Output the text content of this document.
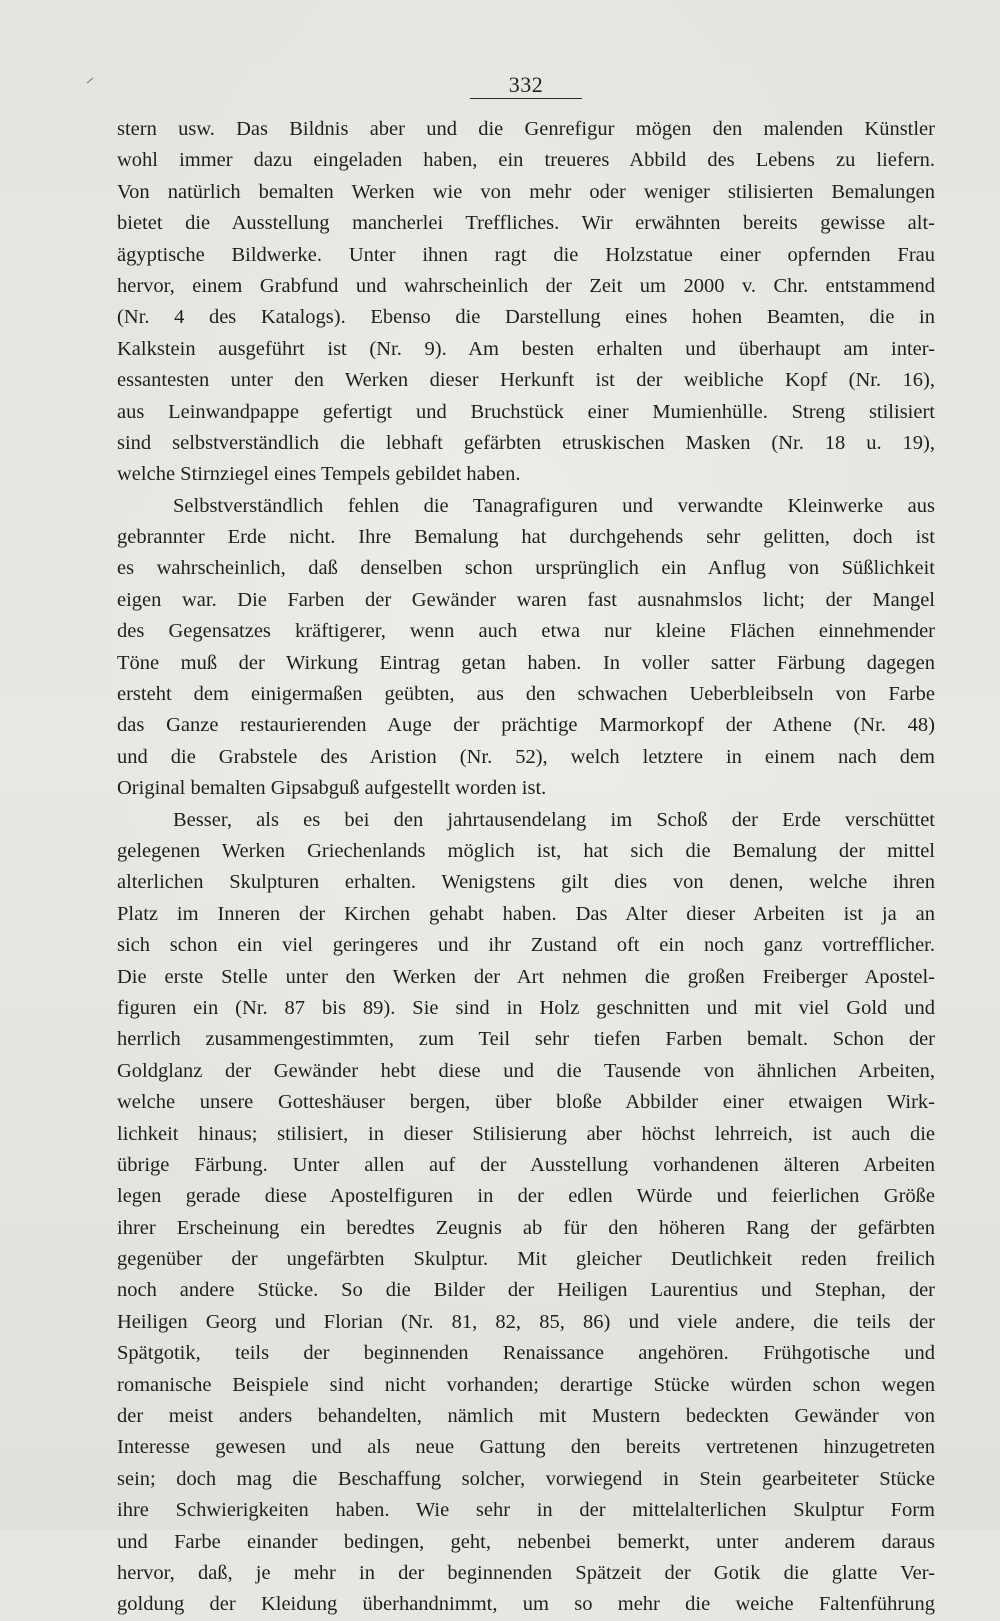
332
stern usw. Das Bildnis aber und die Genrefigur mögen den malenden Künstler
wohl immer dazu eingeladen haben, ein treueres Abbild des Lebens zu liefern.
Von natürlich bemalten Werken wie von mehr oder weniger stilisierten Bemalungen
bietet die Ausstellung mancherlei Treffliches. Wir erwähnten bereits gewisse alt-
ägyptische Bildwerke. Unter ihnen ragt die Holzstatue einer opfernden Frau
hervor, einem Grabfund und wahrscheinlich der Zeit um 2000 v. Chr. entstammend
(Nr. 4 des Katalogs). Ebenso die Darstellung eines hohen Beamten, die in
Kalkstein ausgeführt ist (Nr. 9). Am besten erhalten und überhaupt am inter-
essantesten unter den Werken dieser Herkunft ist der weibliche Kopf (Nr. 16),
aus Leinwandpappe gefertigt und Bruchstück einer Mumienhülle. Streng stilisiert
sind selbstverständlich die lebhaft gefärbten etruskischen Masken (Nr. 18 u. 19),
welche Stirnziegel eines Tempels gebildet haben.
Selbstverständlich fehlen die Tanagrafiguren und verwandte Kleinwerke aus
gebrannter Erde nicht. Ihre Bemalung hat durchgehends sehr gelitten, doch ist
es wahrscheinlich, daß denselben schon ursprünglich ein Anflug von Süßlichkeit
eigen war. Die Farben der Gewänder waren fast ausnahmslos licht; der Mangel
des Gegensatzes kräftigerer, wenn auch etwa nur kleine Flächen einnehmender
Töne muß der Wirkung Eintrag getan haben. In voller satter Färbung dagegen
ersteht dem einigermaßen geübten, aus den schwachen Ueberbleibseln von Farbe
das Ganze restaurierenden Auge der prächtige Marmorkopf der Athene (Nr. 48)
und die Grabstele des Aristion (Nr. 52), welch letztere in einem nach dem
Original bemalten Gipsabguß aufgestellt worden ist.
Besser, als es bei den jahrtausendelang im Schoß der Erde verschüttet
gelegenen Werken Griechenlands möglich ist, hat sich die Bemalung der mittel
alterlichen Skulpturen erhalten. Wenigstens gilt dies von denen, welche ihren
Platz im Inneren der Kirchen gehabt haben. Das Alter dieser Arbeiten ist ja an
sich schon ein viel geringeres und ihr Zustand oft ein noch ganz vortrefflicher.
Die erste Stelle unter den Werken der Art nehmen die großen Freiberger Apostel-
figuren ein (Nr. 87 bis 89). Sie sind in Holz geschnitten und mit viel Gold und
herrlich zusammengestimmten, zum Teil sehr tiefen Farben bemalt. Schon der
Goldglanz der Gewänder hebt diese und die Tausende von ähnlichen Arbeiten,
welche unsere Gotteshäuser bergen, über bloße Abbilder einer etwaigen Wirk-
lichkeit hinaus; stilisiert, in dieser Stilisierung aber höchst lehrreich, ist auch die
übrige Färbung. Unter allen auf der Ausstellung vorhandenen älteren Arbeiten
legen gerade diese Apostelfiguren in der edlen Würde und feierlichen Größe
ihrer Erscheinung ein beredtes Zeugnis ab für den höheren Rang der gefärbten
gegenüber der ungefärbten Skulptur. Mit gleicher Deutlichkeit reden freilich
noch andere Stücke. So die Bilder der Heiligen Laurentius und Stephan, der
Heiligen Georg und Florian (Nr. 81, 82, 85, 86) und viele andere, die teils der
Spätgotik, teils der beginnenden Renaissance angehören. Frühgotische und
romanische Beispiele sind nicht vorhanden; derartige Stücke würden schon wegen
der meist anders behandelten, nämlich mit Mustern bedeckten Gewänder von
Interesse gewesen und als neue Gattung den bereits vertretenen hinzugetreten
sein; doch mag die Beschaffung solcher, vorwiegend in Stein gearbeiteter Stücke
ihre Schwierigkeiten haben. Wie sehr in der mittelalterlichen Skulptur Form
und Farbe einander bedingen, geht, nebenbei bemerkt, unter anderem daraus
hervor, daß, je mehr in der beginnenden Spätzeit der Gotik die glatte Ver-
goldung der Kleidung überhandnimmt, um so mehr die weiche Faltenführung
